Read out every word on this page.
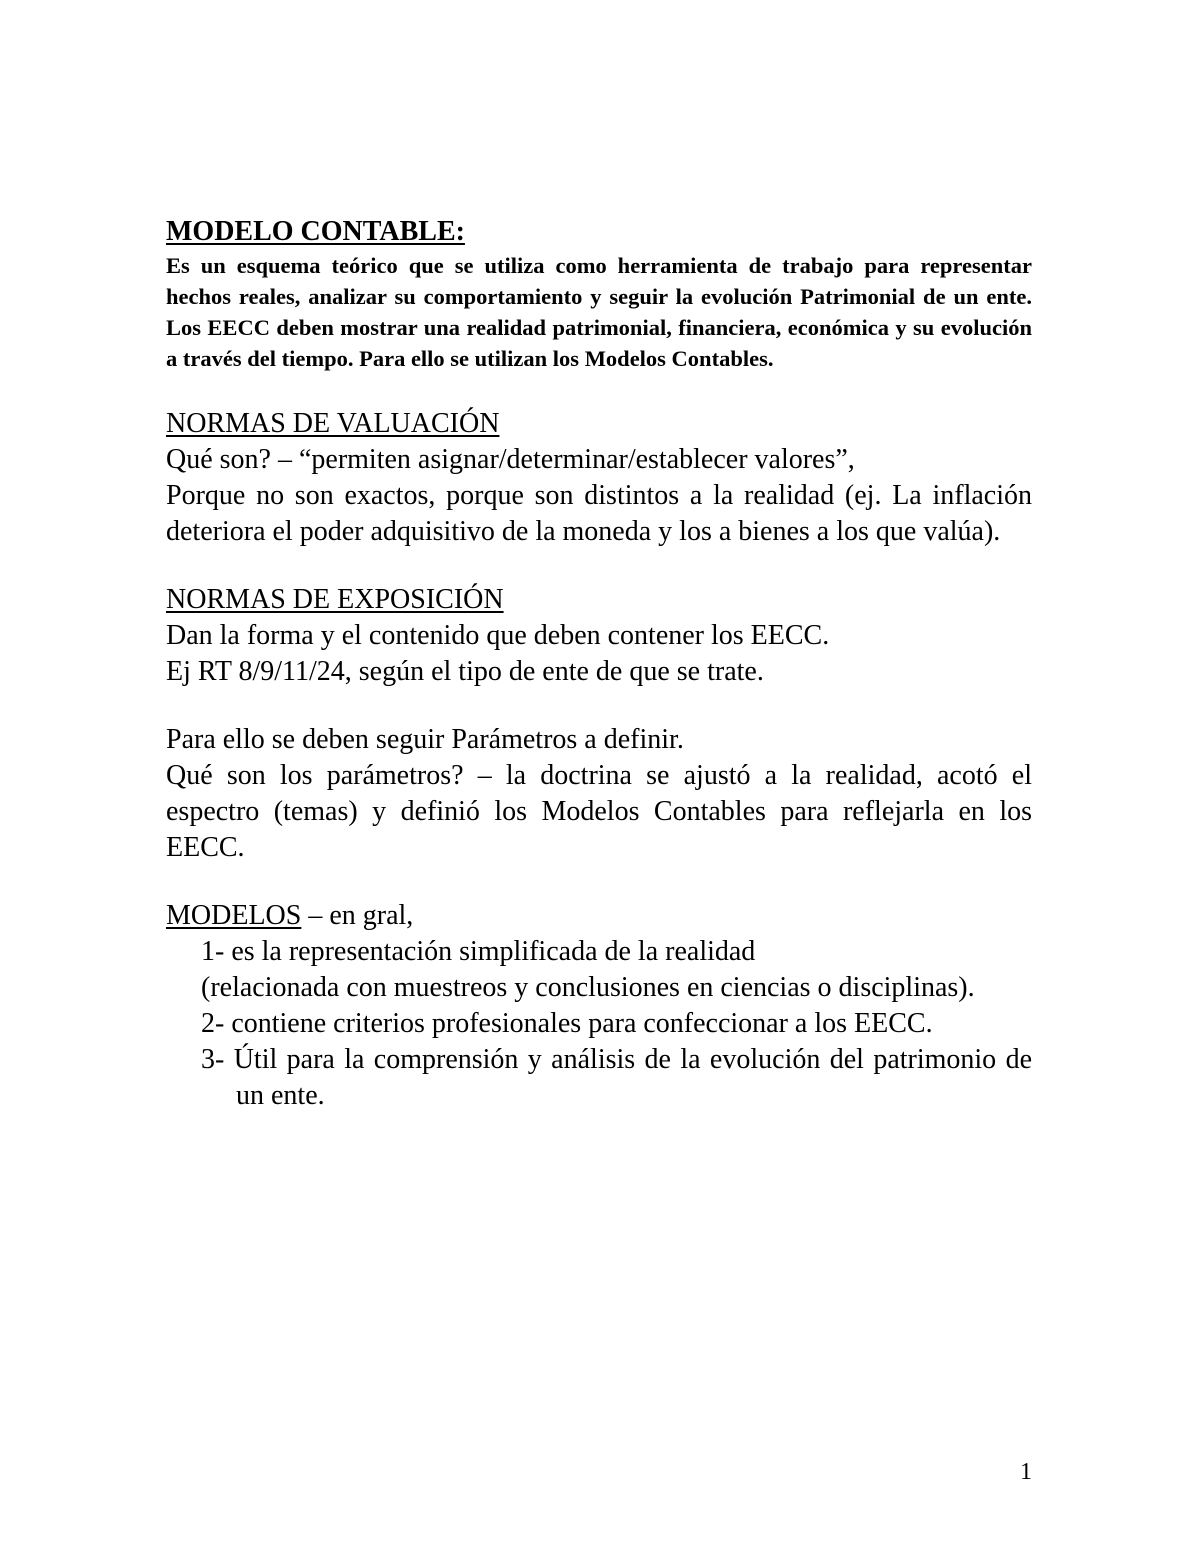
MODELO CONTABLE:

Es un esquema teórico que se utiliza como herramienta de trabajo para representar hechos reales, analizar su comportamiento y seguir la evolución Patrimonial de un ente. Los EECC deben mostrar una realidad patrimonial, financiera, económica y su evolución a través del tiempo. Para ello se utilizan los Modelos Contables.

NORMAS DE VALUACIÓN

Qué son? – “permiten asignar/determinar/establecer valores”,

Porque no son exactos, porque son distintos a la realidad (ej. La inflación deteriora el poder adquisitivo de la moneda y los a bienes a los que valúa).

NORMAS DE EXPOSICIÓN

Dan la forma y el contenido que deben contener los EECC.

Ej RT 8/9/11/24, según el tipo de ente de que se trate.

Para ello se deben seguir Parámetros a definir.

Qué son los parámetros? – la doctrina se ajustó a la realidad, acotó el espectro (temas) y definió los Modelos Contables para reflejarla en los EECC.

MODELOS – en gral,

1- es la representación simplificada de la realidad
(relacionada con muestreos y conclusiones en ciencias o disciplinas).
2- contiene criterios profesionales para confeccionar a los EECC.
3- Útil para la comprensión y análisis de la evolución del patrimonio de un ente.
1
